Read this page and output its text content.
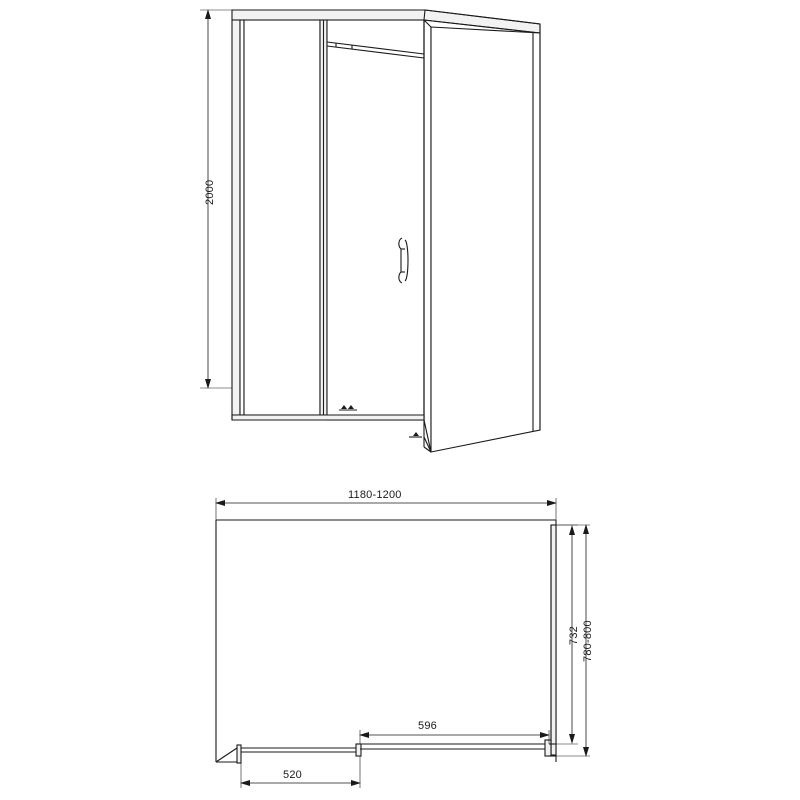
2000
1180-1200
780-800
732
596
520
